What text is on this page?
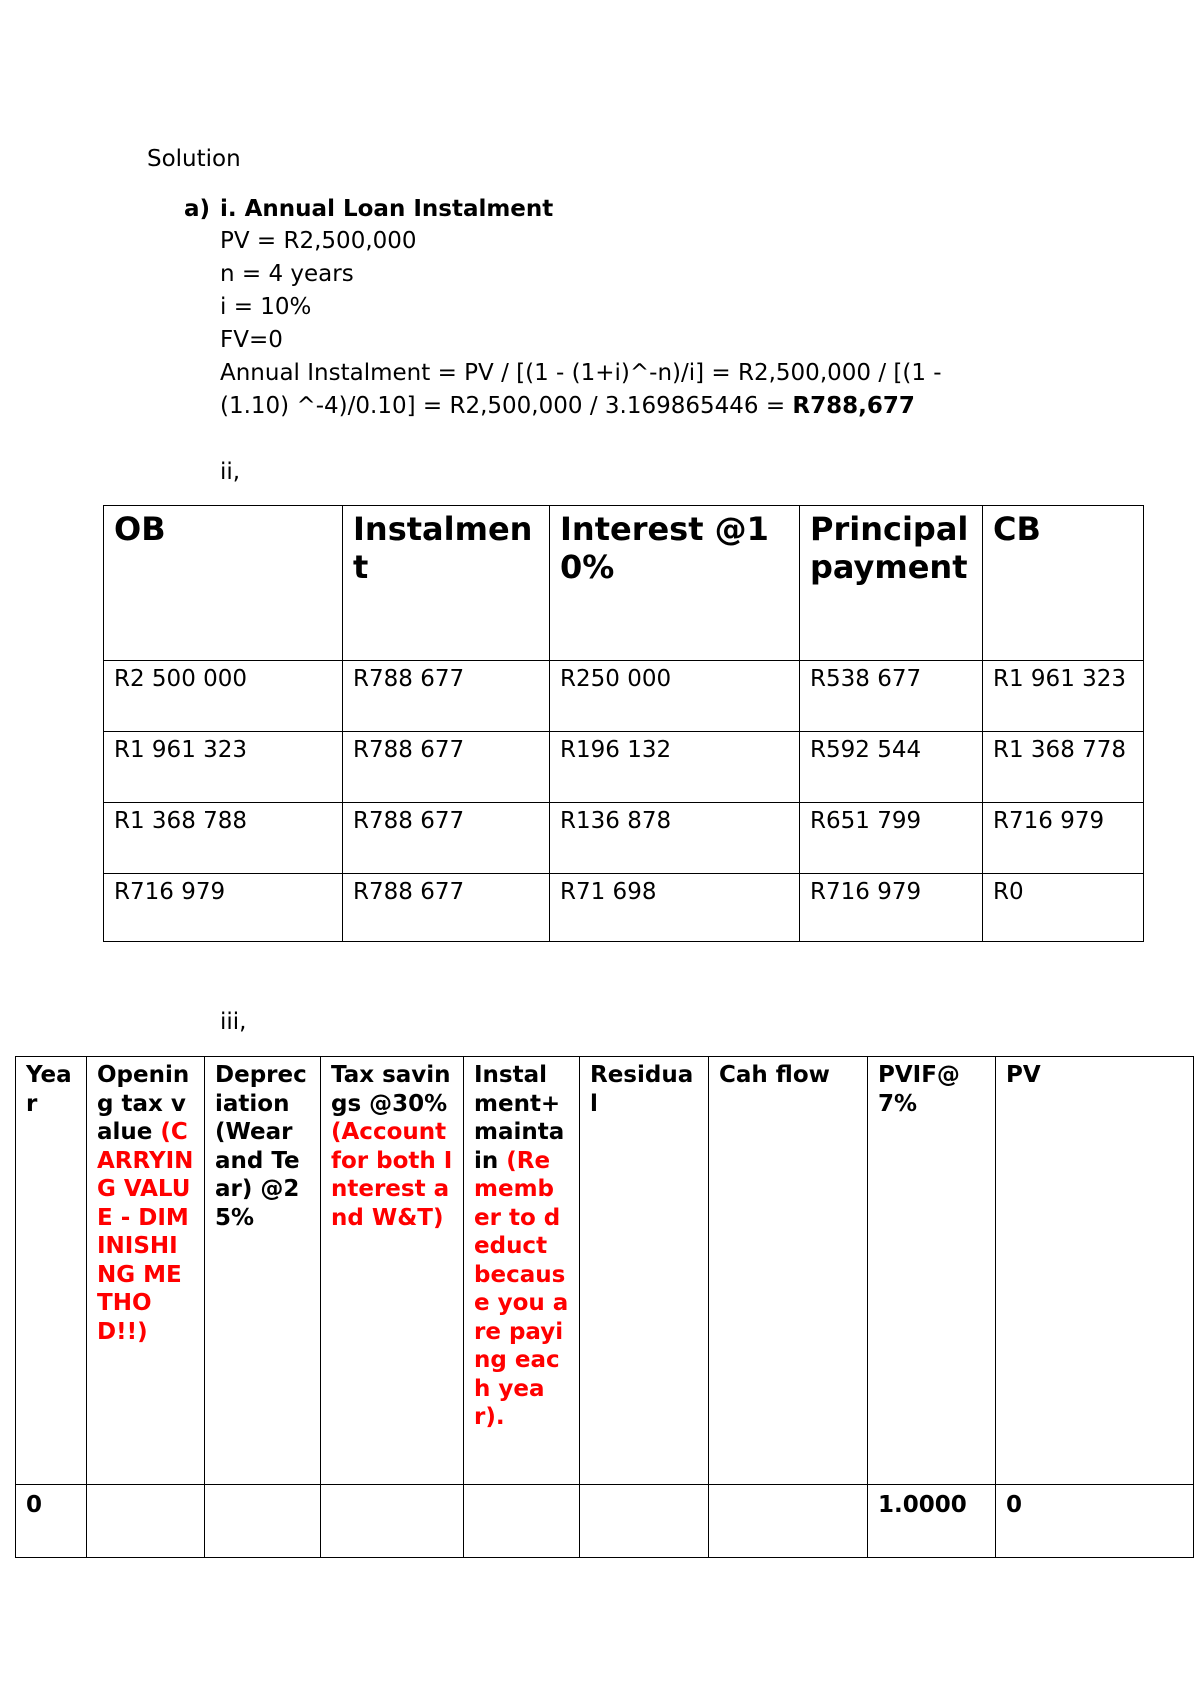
Solution
a) i. Annual Loan Instalment
PV = R2,500,000
n = 4 years
i = 10%
FV=0
Annual Instalment = PV / [(1 - (1+i)^-n)/i] = R2,500,000 / [(1 -
(1.10) ^-4)/0.10] = R2,500,000 / 3.169865446 = R788,677
ii,
OB	Instalment	Interest @10%	Principal payment	CB
R2 500 000	R788 677	R250 000	R538 677	R1 961 323
R1 961 323	R788 677	R196 132	R592 544	R1 368 778
R1 368 788	R788 677	R136 878	R651 799	R716 979
R716 979	R788 677	R71 698	R716 979	R0
iii,
Year	Opening tax value (CARRYING VALUE - DIMINISHING METHOD!!)	Depreciation (Wear and Tear) @25%	Tax savings @30% (Account for both Interest and W&T)	Instalment+ maintain (Remember to deduct because you are paying each year).	Residual	Cah flow	PVIF@7%	PV
0							1.0000	0
